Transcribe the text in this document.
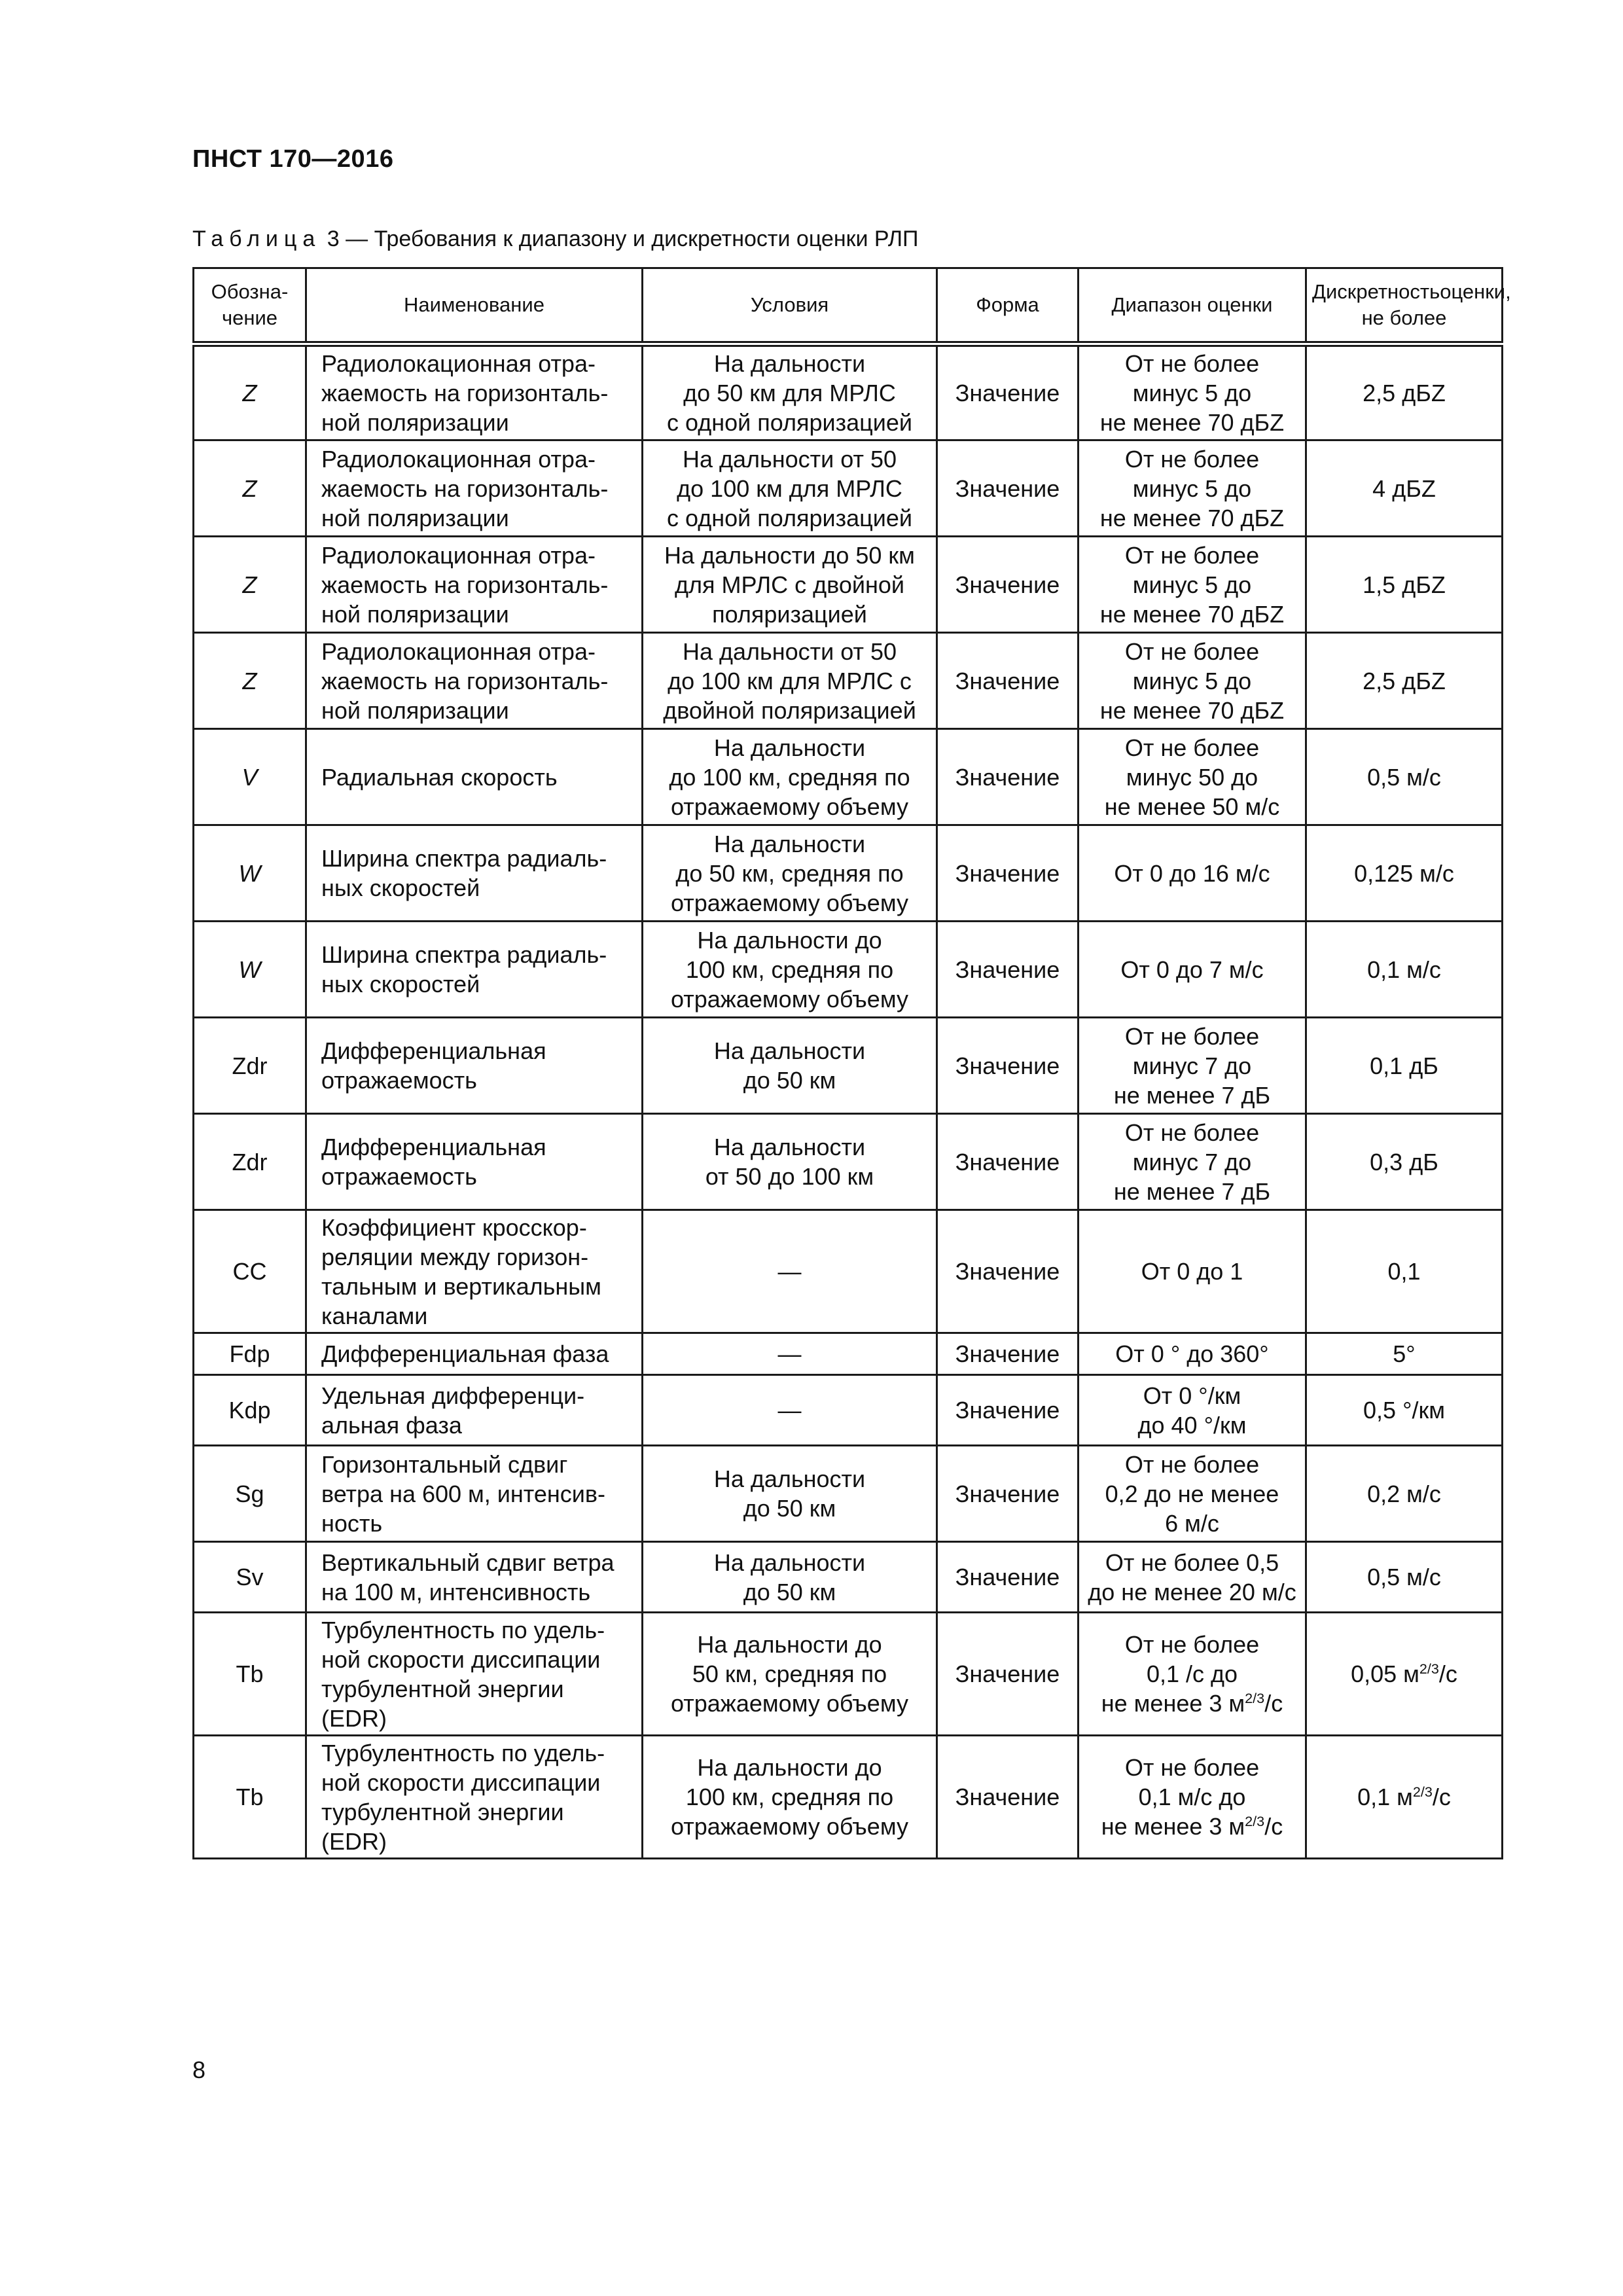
ПНСТ 170—2016
Таблица 3 — Требования к диапазону и дискретности оценки РЛП
Обозна-чение	Наименование	Условия	Форма	Диапазон оценки	Дискретностьоценки, не более
Z	Радиолокационная отра-
жаемость на горизонталь-
ной поляризации	На дальности
до 50 км для МРЛС
с одной поляризацией	Значение	От не более
минус 5 до
не менее 70 дБZ	2,5 дБZ
Z	Радиолокационная отра-
жаемость на горизонталь-
ной поляризации	На дальности от 50
до 100 км для МРЛС
с одной поляризацией	Значение	От не более
минус 5 до
не менее 70 дБZ	4 дБZ
Z	Радиолокационная отра-
жаемость на горизонталь-
ной поляризации	На дальности до 50 км
для МРЛС с двойной
поляризацией	Значение	От не более
минус 5 до
не менее 70 дБZ	1,5 дБZ
Z	Радиолокационная отра-
жаемость на горизонталь-
ной поляризации	На дальности от 50
до 100 км для МРЛС с
двойной поляризацией	Значение	От не более
минус 5 до
не менее 70 дБZ	2,5 дБZ
V	Радиальная скорость	На дальности
до 100 км, средняя по
отражаемому объему	Значение	От не более
минус 50 до
не менее 50 м/с	0,5 м/с
W	Ширина спектра радиаль-
ных скоростей	На дальности
до 50 км, средняя по
отражаемому объему	Значение	От 0 до 16 м/с	0,125 м/с
W	Ширина спектра радиаль-
ных скоростей	На дальности до
100 км, средняя по
отражаемому объему	Значение	От 0 до 7 м/с	0,1 м/с
Zdr	Дифференциальная
отражаемость	На дальности
до 50 км	Значение	От не более
минус 7 до
не менее 7 дБ	0,1 дБ
Zdr	Дифференциальная
отражаемость	На дальности
от 50 до 100 км	Значение	От не более
минус 7 до
не менее 7 дБ	0,3 дБ
CC	Коэффициент кросскор-
реляции между горизон-
тальным и вертикальным
каналами	—	Значение	От 0 до 1	0,1
Fdp	Дифференциальная фаза	—	Значение	От 0 ° до 360°	5°
Kdp	Удельная дифференци-
альная фаза	—	Значение	От 0 °/км
до 40 °/км	0,5 °/км
Sg	Горизонтальный сдвиг
ветра на 600 м, интенсив-
ность	На дальности
до 50 км	Значение	От не более
0,2 до не менее
6 м/с	0,2 м/с
Sv	Вертикальный сдвиг ветра
на 100 м, интенсивность	На дальности
до 50 км	Значение	От не более 0,5
до не менее 20 м/с	0,5 м/с
Tb	Турбулентность по удель-
ной скорости диссипации
турбулентной энергии
(EDR)	На дальности до
50 км, средняя по
отражаемому объему	Значение	От не более
0,1 /с до
не менее 3 $м^{2/3}/с$	0,05 $м^{2/3}/с$
Tb	Турбулентность по удель-
ной скорости диссипации
турбулентной энергии
(EDR)	На дальности до
100 км, средняя по
отражаемому объему	Значение	От не более
0,1 м/с до
не менее 3 $м^{2/3}/с$	0,1 $м^{2/3}/с$
8
